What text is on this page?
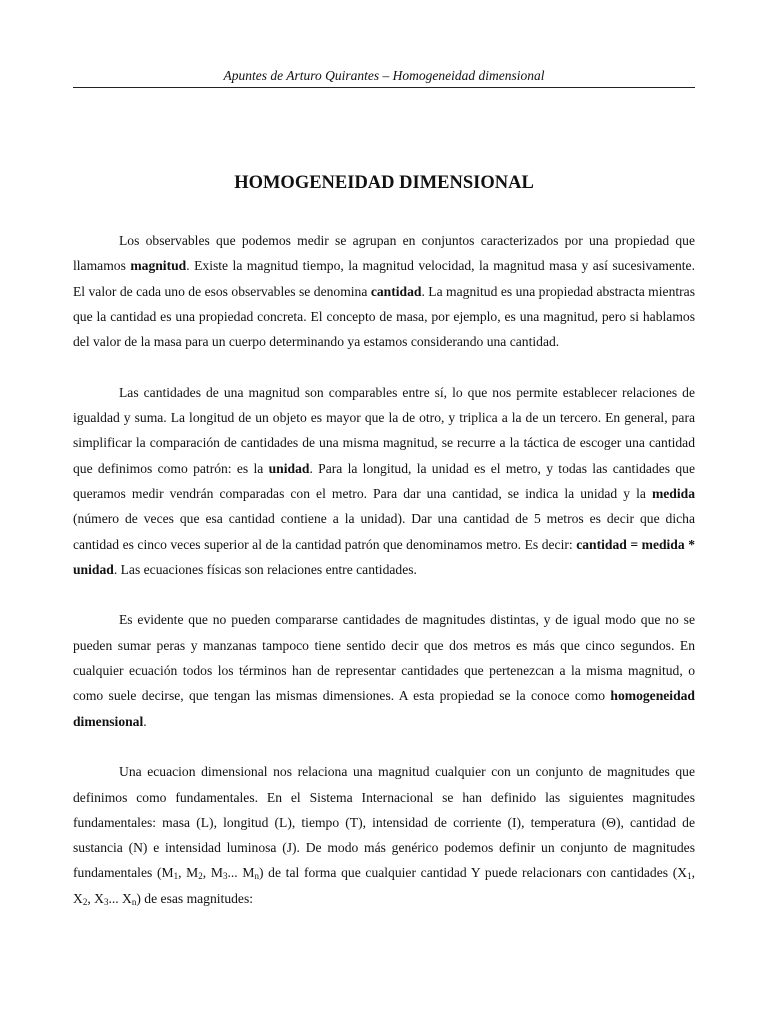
Apuntes de Arturo Quirantes – Homogeneidad dimensional
HOMOGENEIDAD DIMENSIONAL

Los observables que podemos medir se agrupan en conjuntos caracterizados por una propiedad que llamamos magnitud. Existe la magnitud tiempo, la magnitud velocidad, la magnitud masa y así sucesivamente. El valor de cada uno de esos observables se denomina cantidad. La magnitud es una propiedad abstracta mientras que la cantidad es una propiedad concreta. El concepto de masa, por ejemplo, es una magnitud, pero si hablamos del valor de la masa para un cuerpo determinando ya estamos considerando una cantidad.

Las cantidades de una magnitud son comparables entre sí, lo que nos permite establecer relaciones de igualdad y suma. La longitud de un objeto es mayor que la de otro, y triplica a la de un tercero. En general, para simplificar la comparación de cantidades de una misma magnitud, se recurre a la táctica de escoger una cantidad que definimos como patrón: es la unidad. Para la longitud, la unidad es el metro, y todas las cantidades que queramos medir vendrán comparadas con el metro. Para dar una cantidad, se indica la unidad y la medida (número de veces que esa cantidad contiene a la unidad). Dar una cantidad de 5 metros es decir que dicha cantidad es cinco veces superior al de la cantidad patrón que denominamos metro. Es decir: cantidad = medida * unidad. Las ecuaciones físicas son relaciones entre cantidades.

Es evidente que no pueden compararse cantidades de magnitudes distintas, y de igual modo que no se pueden sumar peras y manzanas tampoco tiene sentido decir que dos metros es más que cinco segundos. En cualquier ecuación todos los términos han de representar cantidades que pertenezcan a la misma magnitud, o como suele decirse, que tengan las mismas dimensiones. A esta propiedad se la conoce como homogeneidad dimensional.

Una ecuacion dimensional nos relaciona una magnitud cualquier con un conjunto de magnitudes que definimos como fundamentales. En el Sistema Internacional se han definido las siguientes magnitudes fundamentales: masa (L), longitud (L), tiempo (T), intensidad de corriente (I), temperatura (Θ), cantidad de sustancia (N) e intensidad luminosa (J). De modo más genérico podemos definir un conjunto de magnitudes fundamentales ($M_1$, $M_2$, $M_3$... $M_n$) de tal forma que cualquier cantidad Y puede relacionars con cantidades ($X_1$, $X_2$, $X_3$... $X_n$) de esas magnitudes:
